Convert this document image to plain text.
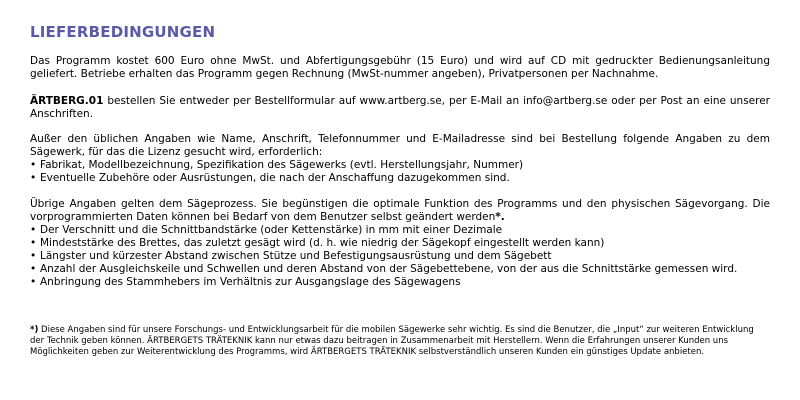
LIEFERBEDINGUNGEN
Das Programm kostet 600 Euro ohne MwSt. und Abfertigungsgebühr (15 Euro) und wird auf CD mit gedruckter Bedienungsanleitung geliefert. Betriebe erhalten das Programm gegen Rechnung (MwSt-nummer angeben), Privatpersonen per Nachnahme.
ÄRTBERG.01 bestellen Sie entweder per Bestellformular auf www.artberg.se, per E-Mail an info@artberg.se oder per Post an eine unserer Anschriften.
Außer den üblichen Angaben wie Name, Anschrift, Telefonnummer und E-Mailadresse sind bei Bestellung folgende Angaben zu dem Sägewerk, für das die Lizenz gesucht wird, erforderlich:
• Fabrikat, Modellbezeichnung, Spezifikation des Sägewerks (evtl. Herstellungsjahr, Nummer)
• Eventuelle Zubehöre oder Ausrüstungen, die nach der Anschaffung dazugekommen sind.
Übrige Angaben gelten dem Sägeprozess. Sie begünstigen die optimale Funktion des Programms und den physischen Sägevorgang. Die vorprogrammierten Daten können bei Bedarf von dem Benutzer selbst geändert werden*.
• Der Verschnitt und die Schnittbandstärke (oder Kettenstärke) in mm mit einer Dezimale
• Mindeststärke des Brettes, das zuletzt gesägt wird (d. h. wie niedrig der Sägekopf eingestellt werden kann)
• Längster und kürzester Abstand zwischen Stütze und Befestigungsausrüstung und dem Sägebett
• Anzahl der Ausgleichskeile und Schwellen und deren Abstand von der Sägebettebene, von der aus die Schnittstärke gemessen wird.
• Anbringung des Stammhebers im Verhältnis zur Ausgangslage des Sägewagens
*) Diese Angaben sind für unsere Forschungs- und Entwicklungsarbeit für die mobilen Sägewerke sehr wichtig. Es sind die Benutzer, die „Input“ zur weiteren Entwicklung der Technik geben können. ÄRTBERGETS TRÄTEKNIK kann nur etwas dazu beitragen in Zusammenarbeit mit Herstellern. Wenn die Erfahrungen unserer Kunden uns Möglichkeiten geben zur Weiterentwicklung des Programms, wird ÄRTBERGETS TRÄTEKNIK selbstverständlich unseren Kunden ein günstiges Update anbieten.
